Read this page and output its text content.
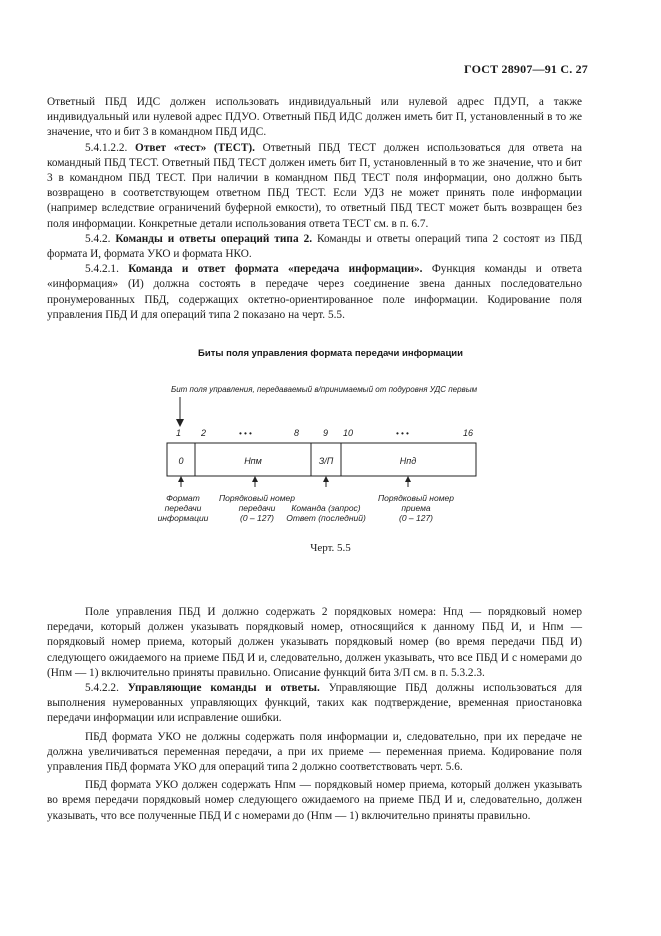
ГОСТ 28907—91 С. 27

Ответный ПБД ИДС должен использовать индивидуальный или нулевой адрес ПДУП, а также индивидуальный или нулевой адрес ПДУО. Ответный ПБД ИДС должен иметь бит П, установленный в то же значение, что и бит 3 в командном ПБД ИДС.

5.4.1.2.2. Ответ «тест» (ТЕСТ). Ответный ПБД ТЕСТ должен использоваться для ответа на командный ПБД ТЕСТ. Ответный ПБД ТЕСТ должен иметь бит П, установленный в то же значение, что и бит 3 в командном ПБД ТЕСТ. При наличии в командном ПБД ТЕСТ поля информации, оно должно быть возвращено в соответствующем ответном ПБД ТЕСТ. Если УДЗ не может принять поле информации (например вследствие ограничений буферной емкости), то ответный ПБД ТЕСТ может быть возвращен без поля информации. Конкретные детали использования ответа ТЕСТ см. в п. 6.7.

5.4.2. Команды и ответы операций типа 2. Команды и ответы операций типа 2 состоят из ПБД формата И, формата УКО и формата НКО.

5.4.2.1. Команда и ответ формата «передача информации». Функция команды и ответа «информация» (И) должна состоять в передаче через соединение звена данных последовательно пронумерованных ПБД, содержащих октетно-ориентированное поле информации. Кодирование поля управления ПБД И для операций типа 2 показано на черт. 5.5.

Биты поля управления формата передачи информации
Бит поля управления, передаваемый в/принимаемый от подуровня УДС первым
1 2	• • •	8	9 10	• • •	16
0	Нпм	З/П	Нпд
Формат
передачи
информации
Порядковый номер
передачи
(0 – 127)
Команда (запрос)
Ответ (последний)
Порядковый номер
приема
(0 – 127)
Черт. 5.5

Поле управления ПБД И должно содержать 2 порядковых номера: Нпд — порядковый номер передачи, который должен указывать порядковый номер, относящийся к данному ПБД И, и Нпм — порядковый номер приема, который должен указывать порядковый номер (во время передачи ПБД И) следующего ожидаемого на приеме ПБД И и, следовательно, должен указывать, что все ПБД И с номерами до (Нпм — 1) включительно приняты правильно. Описание функций бита З/П см. в п. 5.3.2.3.

5.4.2.2. Управляющие команды и ответы. Управляющие ПБД должны использоваться для выполнения нумерованных управляющих функций, таких как подтверждение, временная приостановка передачи информации или исправление ошибки.

ПБД формата УКО не должны содержать поля информации и, следовательно, при их передаче не должна увеличиваться переменная передачи, а при их приеме — переменная приема. Кодирование поля управления ПБД формата УКО для операций типа 2 должно соответствовать черт. 5.6.

ПБД формата УКО должен содержать Нпм — порядковый номер приема, который должен указывать во время передачи порядковый номер следующего ожидаемого на приеме ПБД И и, следовательно, должен указывать, что все полученные ПБД И с номерами до (Нпм — 1) включительно приняты правильно.
